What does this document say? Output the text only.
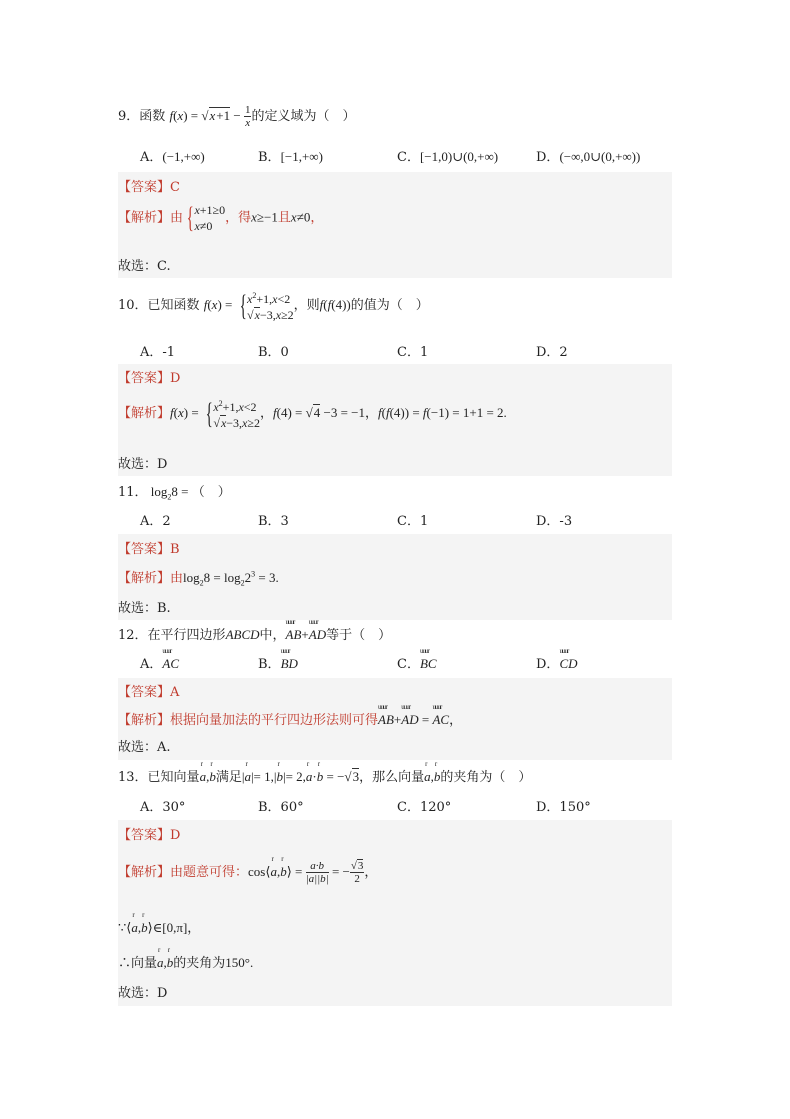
9．函数 $f(x) = √x+1 - \frac{1}{x}$ 的定义域为（　）
A．(−1,+∞)	B．[−1,+∞)	C．[−1,0)∪(0,+∞)	D．(−∞,0∪(0,+∞))
【答案】C
【解析】由 {x+1≥0
x≠0，得x≥−1且x≠0，
故选：C.
10．已知函数 $f(x) = \{x^2+1,x<2$
√x−3,x≥2，则f(f(4))的值为（　）
A．-1	B．0	C．1	D．2
【答案】D
【解析】$f(x) = \{x^2+1,x<2$
√x−3,x≥2，f(4) = √4 −3 = −1，f(f(4)) = f(−1) = 1+1 = 2.
故选：D
11． $\log_28$ = （　）
A．2	B．3	C．1	D．-3
【答案】B
【解析】由$\log_28 = \log_22^3 = 3$.
故选：B.
12．在平行四边形ABCD中，uuur AB+uuur AD等于（　）
A．uuur AC	B．uuur BD	C．uuur BC	D．uuur CD
【答案】A
【解析】根据向量加法的平行四边形法则可得uuur AB+uuur AD = uuur AC，
故选：A.
13．已知向量r a,r b满足|r a|= 1,|r b|= 2,r a·r b = −√3，那么向量r a,r b的夹角为（　）
A．30°	B．60°	C．120°	D．150°
【答案】D
【解析】由题意可得：cos⟨r a,r b⟩ = $\frac{a\cdot b}{|a||b|}$ = − $\frac{√3}{2}$ ，
∵⟨r a,r b⟩∈[0,π]，
∴向量r a,r b的夹角为150°.
故选：D
